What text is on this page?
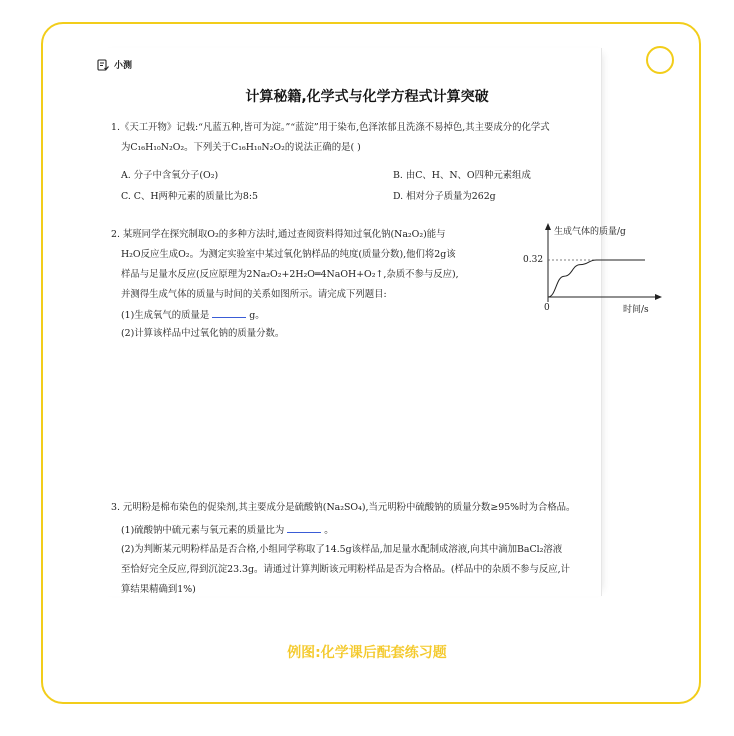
小测
计算秘籍,化学式与化学方程式计算突破
1.《天工开物》记载:“凡蓝五种,皆可为淀。”“蓝淀”用于染布,色泽浓郁且洗涤不易掉色,其主要成分的化学式
为C₁₆H₁₀N₂O₂。下列关于C₁₆H₁₀N₂O₂的说法正确的是( )
A. 分子中含氧分子(O₂)	B. 由C、H、N、O四种元素组成
C. C、H两种元素的质量比为8:5	D. 相对分子质量为262g
2. 某班同学在探究制取O₂的多种方法时,通过查阅资料得知过氧化钠(Na₂O₂)能与
H₂O反应生成O₂。为测定实验室中某过氧化钠样品的纯度(质量分数),他们将2g该
样品与足量水反应(反应原理为2Na₂O₂+2H₂O═4NaOH+O₂↑,杂质不参与反应),
并测得生成气体的质量与时间的关系如图所示。请完成下列题目:
(1)生成氧气的质量是	g。
(2)计算该样品中过氧化钠的质量分数。
生成气体的质量/g
0.32
0	时间/s
3. 元明粉是棉布染色的促染剂,其主要成分是硫酸钠(Na₂SO₄),当元明粉中硫酸钠的质量分数≥95%时为合格品。
(1)硫酸钠中硫元素与氧元素的质量比为	。
(2)为判断某元明粉样品是否合格,小组同学称取了14.5g该样品,加足量水配制成溶液,向其中滴加BaCl₂溶液
至恰好完全反应,得到沉淀23.3g。请通过计算判断该元明粉样品是否为合格品。(样品中的杂质不参与反应,计
算结果精确到1%)
例图:化学课后配套练习题
